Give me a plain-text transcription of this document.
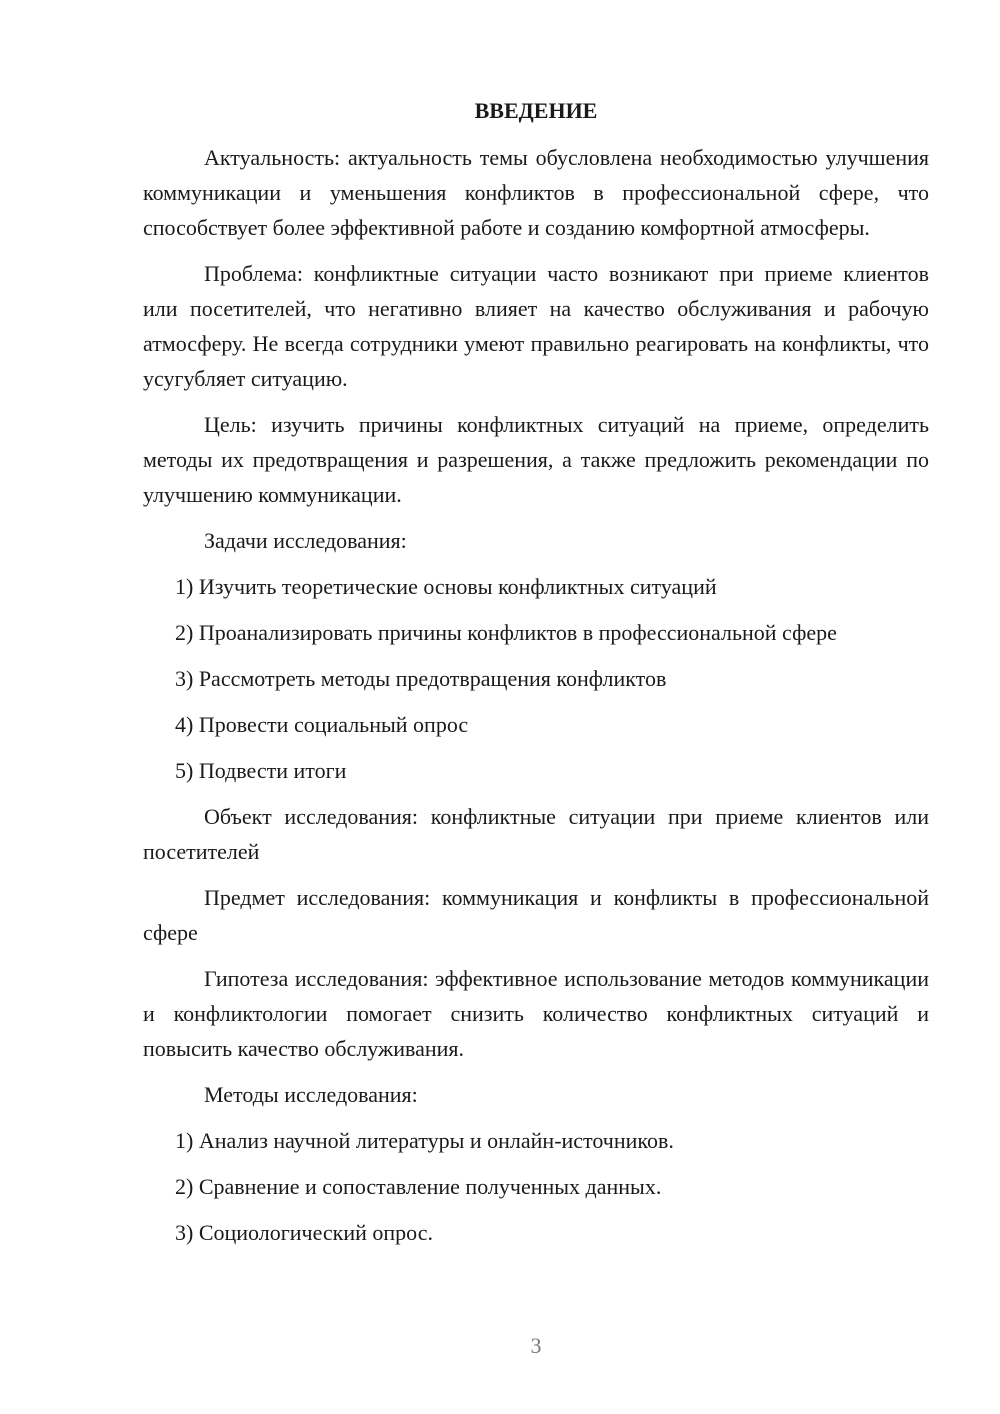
ВВЕДЕНИЕ

Актуальность: актуальность темы обусловлена необходимостью улучшения коммуникации и уменьшения конфликтов в профессиональной сфере, что способствует более эффективной работе и созданию комфортной атмосферы.

Проблема: конфликтные ситуации часто возникают при приеме клиентов или посетителей, что негативно влияет на качество обслуживания и рабочую атмосферу. Не всегда сотрудники умеют правильно реагировать на конфликты, что усугубляет ситуацию.

Цель: изучить причины конфликтных ситуаций на приеме, определить методы их предотвращения и разрешения, а также предложить рекомендации по улучшению коммуникации.

Задачи исследования:

1) Изучить теоретические основы конфликтных ситуаций
2) Проанализировать причины конфликтов в профессиональной сфере
3) Рассмотреть методы предотвращения конфликтов
4) Провести социальный опрос
5) Подвести итоги

Объект исследования: конфликтные ситуации при приеме клиентов или посетителей

Предмет исследования: коммуникация и конфликты в профессиональной сфере

Гипотеза исследования: эффективное использование методов коммуникации и конфликтологии помогает снизить количество конфликтных ситуаций и повысить качество обслуживания.

Методы исследования:

1) Анализ научной литературы и онлайн-источников.
2) Сравнение и сопоставление полученных данных.
3) Социологический опрос.
3
